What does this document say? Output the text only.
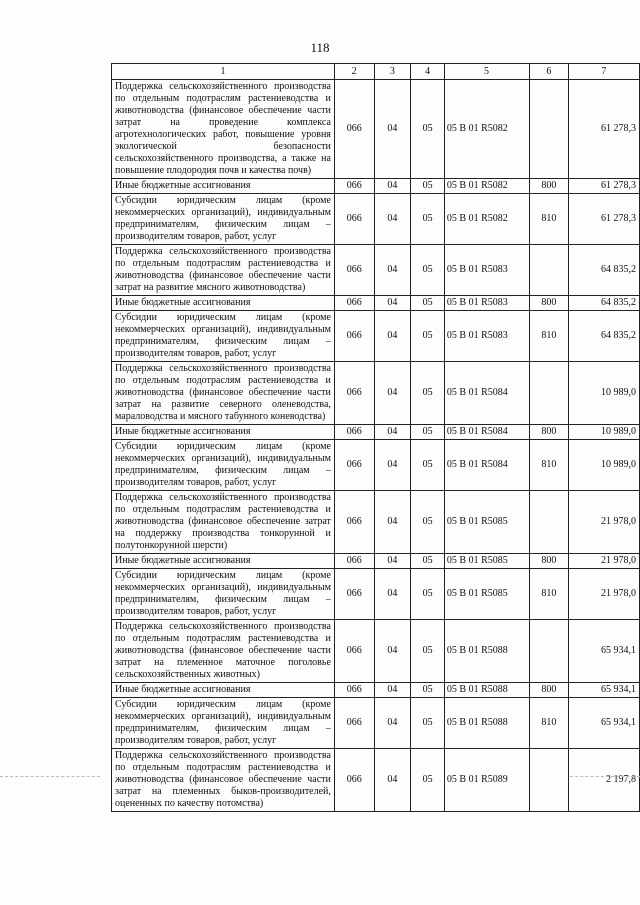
118
1	2	3	4	5	6	7
Поддержка сельскохозяйственного производства по отдельным подотраслям растениеводства и животноводства (финансовое обеспечение части затрат на проведение комплекса агротехнологических работ, повышение уровня экологической безопасности сельскохозяйственного производства, а также на повышение плодородия почв и качества почв)	066	04	05	05 В 01 R5082		61 278,3
Иные бюджетные ассигнования	066	04	05	05 В 01 R5082	800	61 278,3
Субсидии юридическим лицам (кроме некоммерческих организаций), индивидуальным предпринимателям, физическим лицам – производителям товаров, работ, услуг	066	04	05	05 В 01 R5082	810	61 278,3
Поддержка сельскохозяйственного производства по отдельным подотраслям растениеводства и животноводства (финансовое обеспечение части затрат на развитие мясного животноводства)	066	04	05	05 В 01 R5083		64 835,2
Иные бюджетные ассигнования	066	04	05	05 В 01 R5083	800	64 835,2
Субсидии юридическим лицам (кроме некоммерческих организаций), индивидуальным предпринимателям, физическим лицам – производителям товаров, работ, услуг	066	04	05	05 В 01 R5083	810	64 835,2
Поддержка сельскохозяйственного производства по отдельным подотраслям растениеводства и животноводства (финансовое обеспечение части затрат на развитие северного оленеводства, мараловодства и мясного табунного коневодства)	066	04	05	05 В 01 R5084		10 989,0
Иные бюджетные ассигнования	066	04	05	05 В 01 R5084	800	10 989,0
Субсидии юридическим лицам (кроме некоммерческих организаций), индивидуальным предпринимателям, физическим лицам – производителям товаров, работ, услуг	066	04	05	05 В 01 R5084	810	10 989,0
Поддержка сельскохозяйственного производства по отдельным подотраслям растениеводства и животноводства (финансовое обеспечение затрат на поддержку производства тонкорунной и полутонкорунной шерсти)	066	04	05	05 В 01 R5085		21 978,0
Иные бюджетные ассигнования	066	04	05	05 В 01 R5085	800	21 978,0
Субсидии юридическим лицам (кроме некоммерческих организаций), индивидуальным предпринимателям, физическим лицам – производителям товаров, работ, услуг	066	04	05	05 В 01 R5085	810	21 978,0
Поддержка сельскохозяйственного производства по отдельным подотраслям растениеводства и животноводства (финансовое обеспечение части затрат на племенное маточное поголовье сельскохозяйственных животных)	066	04	05	05 В 01 R5088		65 934,1
Иные бюджетные ассигнования	066	04	05	05 В 01 R5088	800	65 934,1
Субсидии юридическим лицам (кроме некоммерческих организаций), индивидуальным предпринимателям, физическим лицам – производителям товаров, работ, услуг	066	04	05	05 В 01 R5088	810	65 934,1
Поддержка сельскохозяйственного производства по отдельным подотраслям растениеводства и животноводства (финансовое обеспечение части затрат на племенных быков-производителей, оцененных по качеству потомства)	066	04	05	05 В 01 R5089		2 197,8
